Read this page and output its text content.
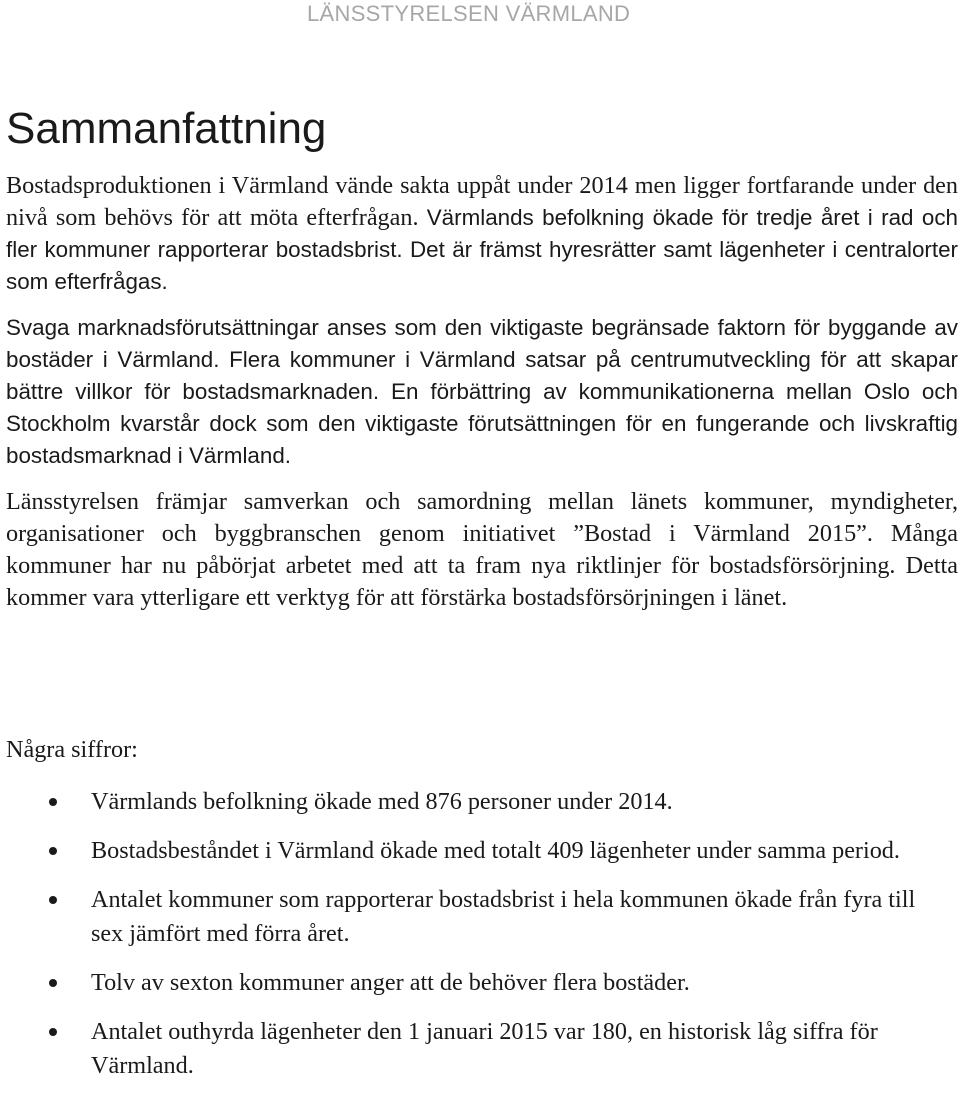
LÄNSSTYRELSEN VÄRMLAND
Sammanfattning

Bostadsproduktionen i Värmland vände sakta uppåt under 2014 men ligger fortfarande under den nivå som behövs för att möta efterfrågan. Värmlands befolkning ökade för tredje året i rad och fler kommuner rapporterar bostadsbrist. Det är främst hyresrätter samt lägenheter i centralorter som efterfrågas.

Svaga marknadsförutsättningar anses som den viktigaste begränsade faktorn för byggande av bostäder i Värmland. Flera kommuner i Värmland satsar på centrumutveckling för att skapar bättre villkor för bostadsmarknaden. En förbättring av kommunikationerna mellan Oslo och Stockholm kvarstår dock som den viktigaste förutsättningen för en fungerande och livskraftig bostadsmarknad i Värmland.

Länsstyrelsen främjar samverkan och samordning mellan länets kommuner, myndigheter, organisationer och byggbranschen genom initiativet ”Bostad i Värmland 2015”. Många kommuner har nu påbörjat arbetet med att ta fram nya riktlinjer för bostadsförsörjning. Detta kommer vara ytterligare ett verktyg för att förstärka bostadsförsörjningen i länet.

Några siffror:
Värmlands befolkning ökade med 876 personer under 2014.
Bostadsbeståndet i Värmland ökade med totalt 409 lägenheter under samma period.
Antalet kommuner som rapporterar bostadsbrist i hela kommunen ökade från fyra till sex jämfört med förra året.
Tolv av sexton kommuner anger att de behöver flera bostäder.
Antalet outhyrda lägenheter den 1 januari 2015 var 180, en historisk låg siffra för Värmland.
